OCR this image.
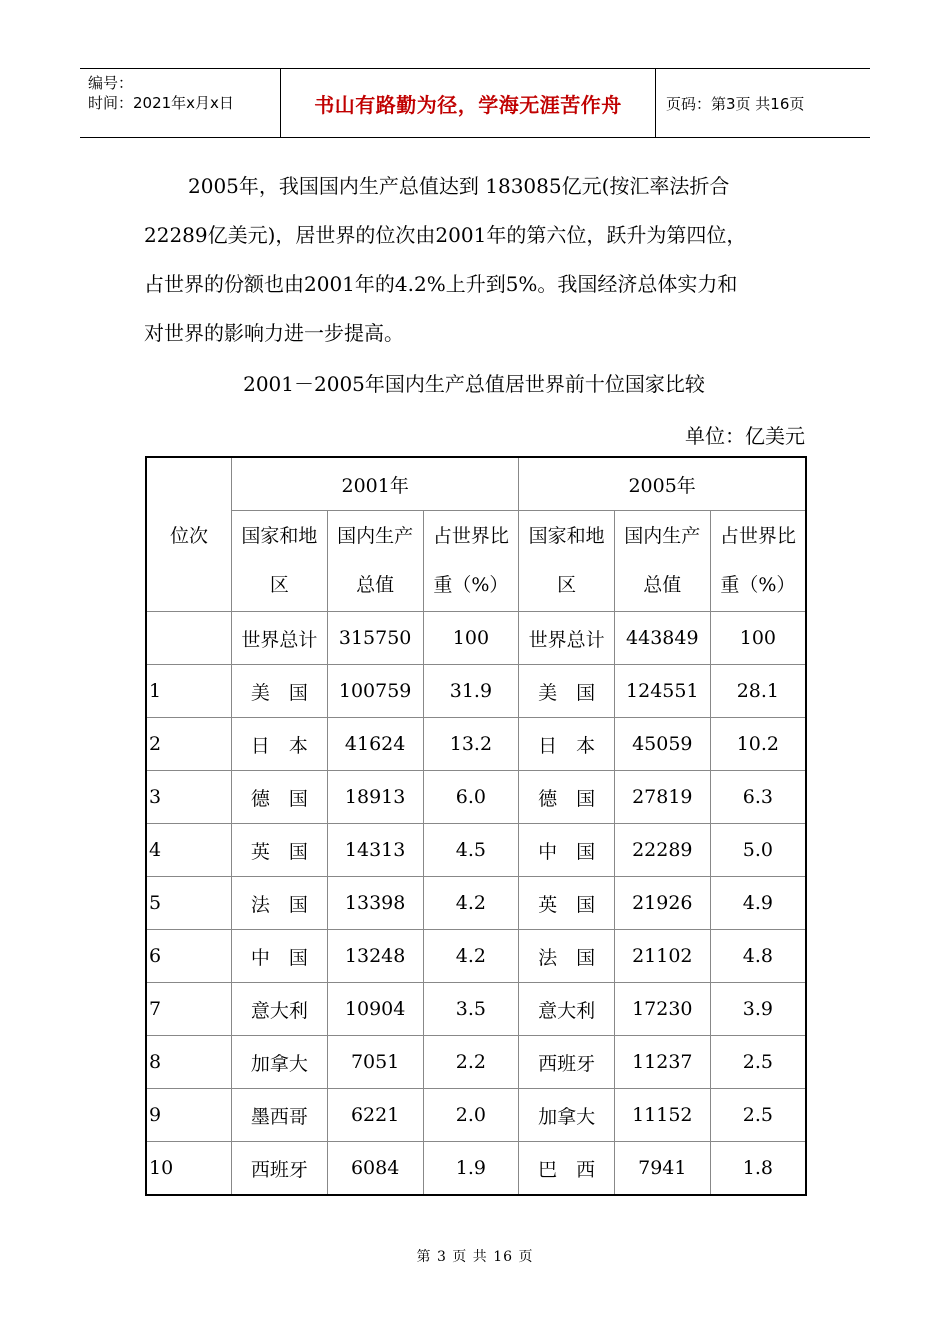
编号：
时间：2021年x月x日	书山有路勤为径，学海无涯苦作舟	页码：第3页 共16页
2005年，我国国内生产总值达到 183085亿元(按汇率法折合
22289亿美元)，居世界的位次由2001年的第六位，跃升为第四位，
占世界的份额也由2001年的4.2%上升到5%。我国经济总体实力和
对世界的影响力进一步提高。
2001－2005年国内生产总值居世界前十位国家比较
单位：亿美元
位次	2001年			2005年		
	国家和地区	国内生产总值	占世界比重（%）	国家和地区	国内生产总值	占世界比重（%）
	世界总计	315750	100	世界总计	443849	100
1	美　国	100759	31.9	美　国	124551	28.1
2	日　本	41624	13.2	日　本	45059	10.2
3	德　国	18913	6.0	德　国	27819	6.3
4	英　国	14313	4.5	中　国	22289	5.0
5	法　国	13398	4.2	英　国	21926	4.9
6	中　国	13248	4.2	法　国	21102	4.8
7	意大利	10904	3.5	意大利	17230	3.9
8	加拿大	7051	2.2	西班牙	11237	2.5
9	墨西哥	6221	2.0	加拿大	11152	2.5
10	西班牙	6084	1.9	巴　西	7941	1.8
第 3 页 共 16 页
